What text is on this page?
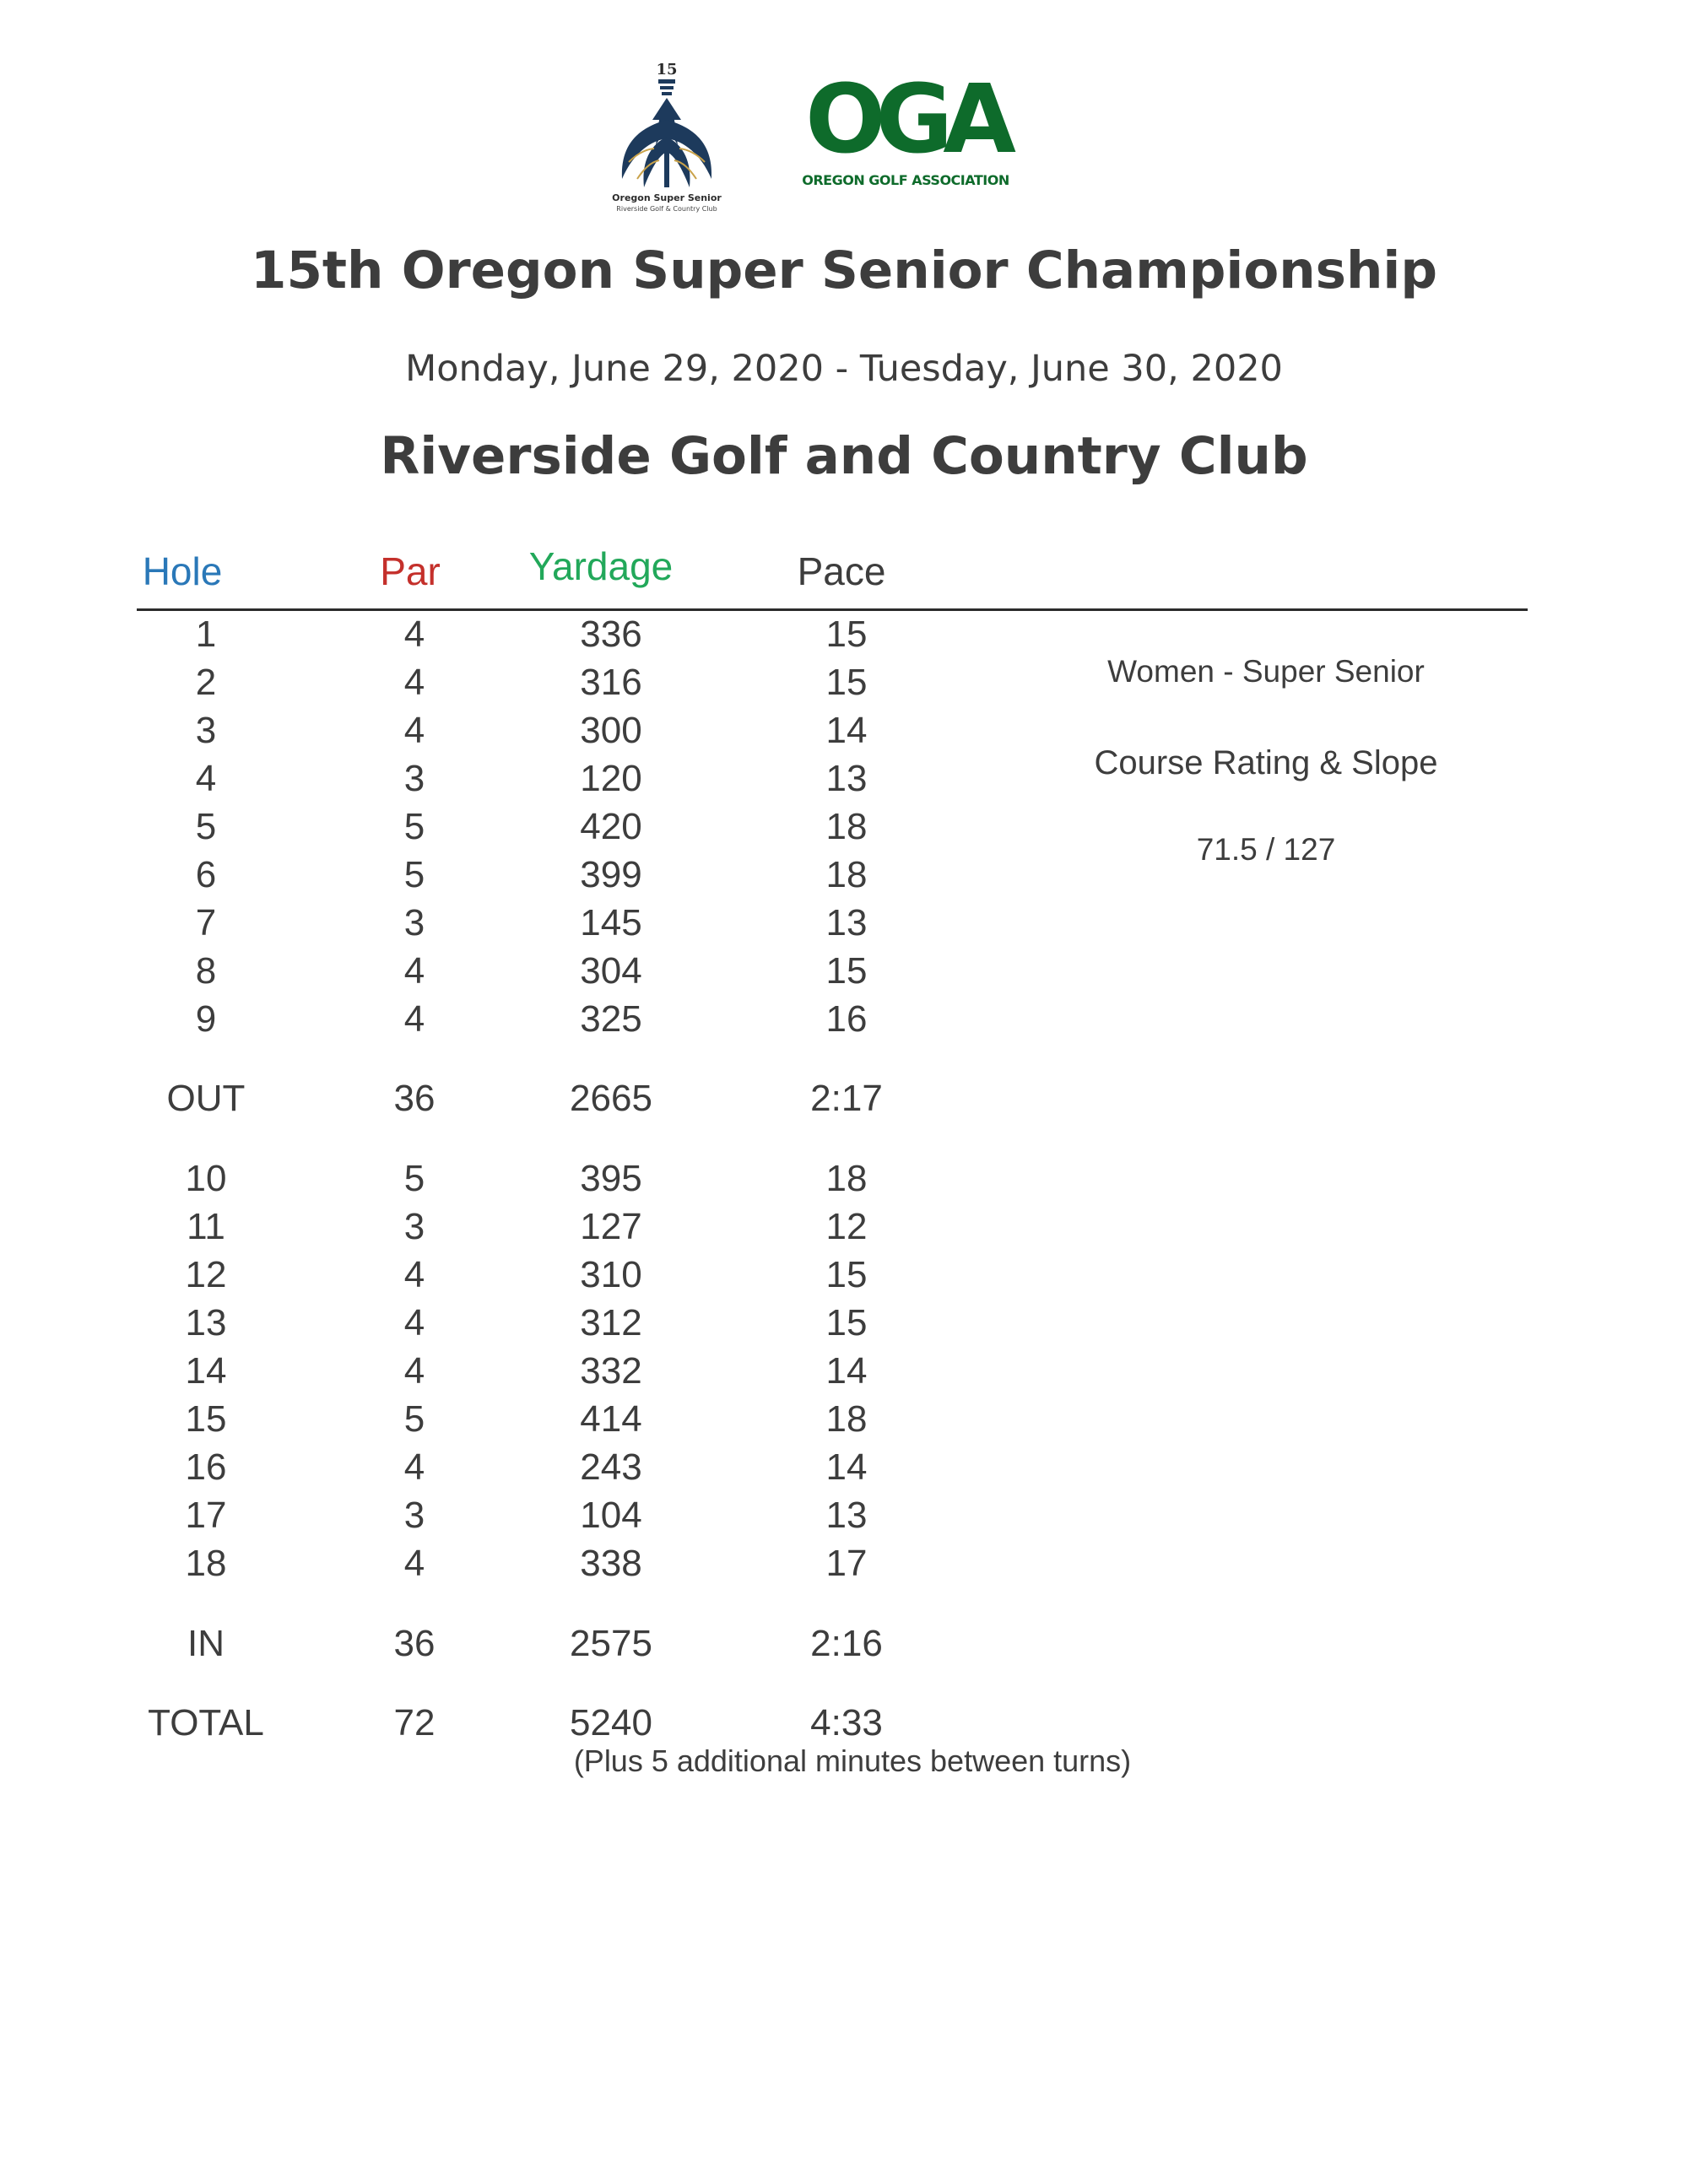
15
Oregon Super Senior
Riverside Golf & Country Club
OGA
OREGON GOLF ASSOCIATION
15th Oregon Super Senior Championship
Monday, June 29, 2020 - Tuesday, June 30, 2020
Riverside Golf and Country Club
Hole	Par	Yardage	Pace
1	4	336	15
2	4	316	15
3	4	300	14
4	3	120	13
5	5	420	18
6	5	399	18
7	3	145	13
8	4	304	15
9	4	325	16
OUT	36	2665	2:17
10	5	395	18
11	3	127	12
12	4	310	15
13	4	312	15
14	4	332	14
15	5	414	18
16	4	243	14
17	3	104	13
18	4	338	17
IN	36	2575	2:16
TOTAL	72	5240	4:33
(Plus 5 additional minutes between turns)
Women - Super Senior
Course Rating & Slope
71.5 / 127
